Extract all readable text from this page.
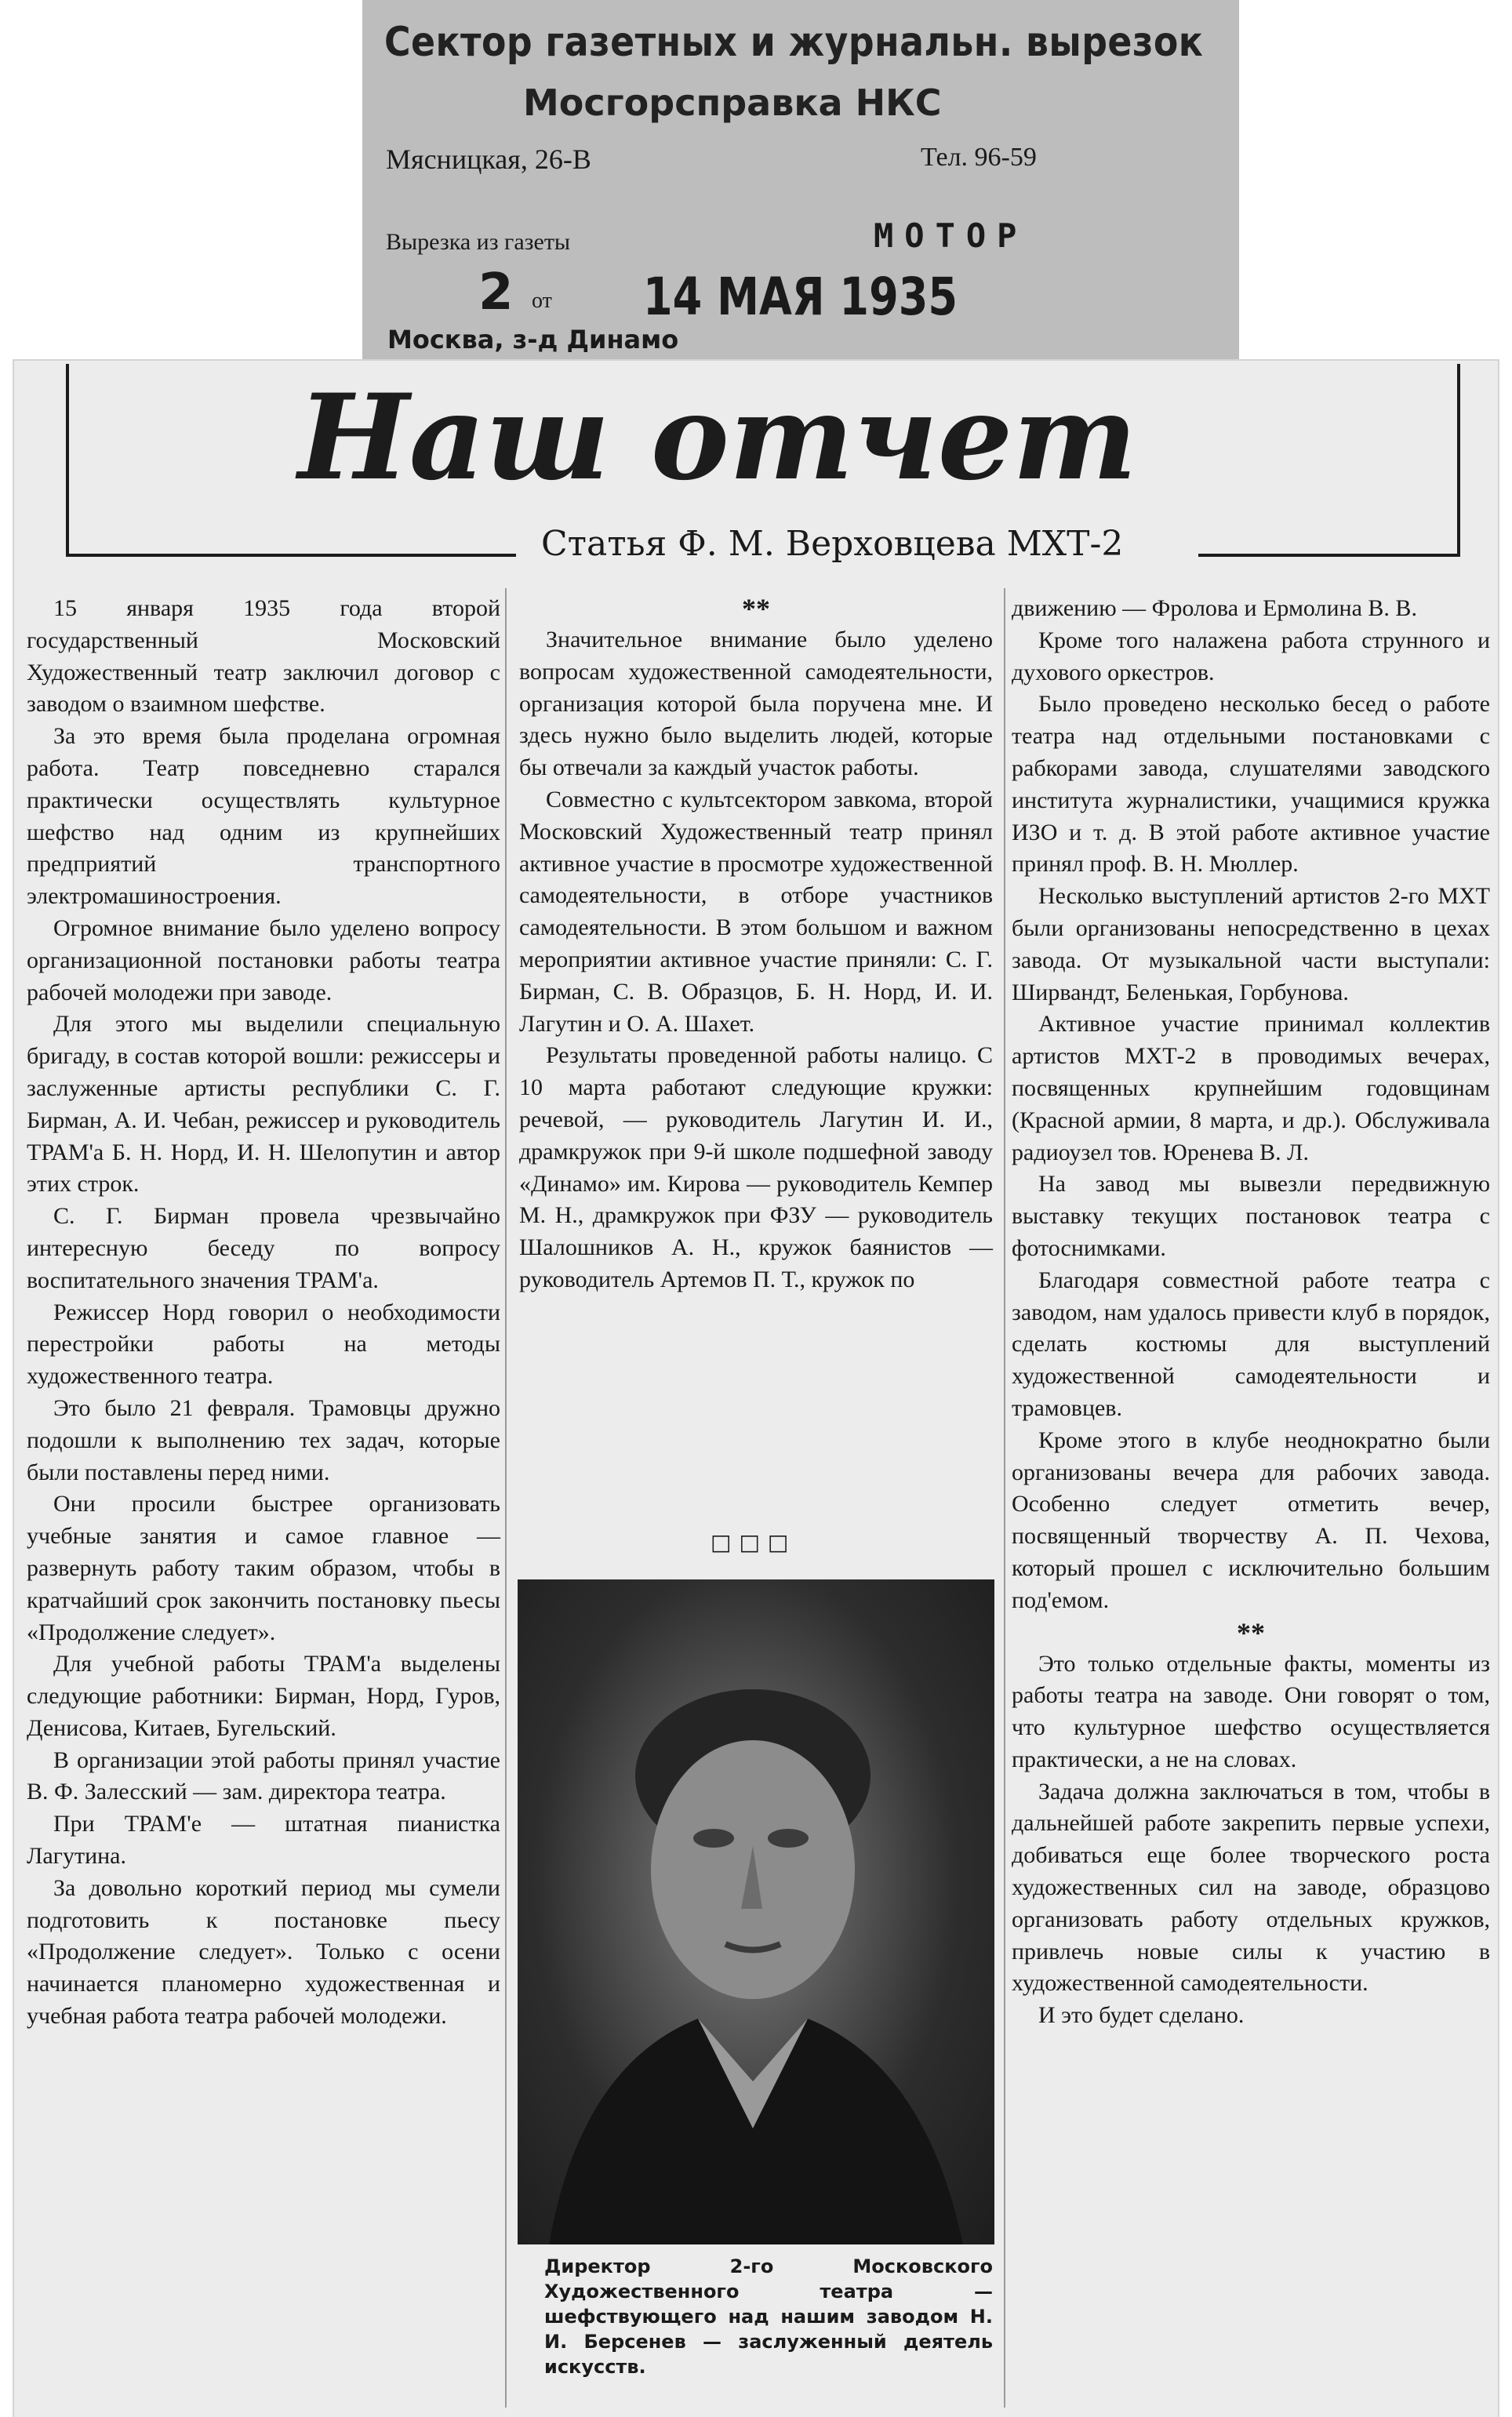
Сектор газетных и журнальн. вырезок
Мосгорсправка НКС
Мясницкая, 26-В	Тел. 96-59
Вырезка из газеты	МОТОР
2 от 14 МАЯ 1935
Москва, з-д Динамо
Наш отчет
Статья Ф. М. Верховцева МХТ-2

15 января 1935 года второй государственный Московский Художественный театр заключил договор с заводом о взаимном шефстве.

За это время была проделана огромная работа. Театр повседневно старался практически осуществлять культурное шефство над одним из крупнейших предприятий транспортного электромашиностроения.

Огромное внимание было уделено вопросу организационной постановки работы театра рабочей молодежи при заводе.

Для этого мы выделили специальную бригаду, в состав которой вошли: режиссеры и заслуженные артисты республики С. Г. Бирман, А. И. Чебан, режиссер и руководитель ТРАМ'а Б. Н. Норд, И. Н. Шелопутин и автор этих строк.

С. Г. Бирман провела чрезвычайно интересную беседу по вопросу воспитательного значения ТРАМ'а.

Режиссер Норд говорил о необходимости перестройки работы на методы художественного театра.

Это было 21 февраля. Трамовцы дружно подошли к выполнению тех задач, которые были поставлены перед ними.

Они просили быстрее организовать учебные занятия и самое главное — развернуть работу таким образом, чтобы в кратчайший срок закончить постановку пьесы «Продолжение следует».

Для учебной работы ТРАМ'а выделены следующие работники: Бирман, Норд, Гуров, Денисова, Китаев, Бугельский.

В организации этой работы принял участие В. Ф. Залесский — зам. директора театра.

При ТРАМ'е — штатная пианистка Лагутина.

За довольно короткий период мы сумели подготовить к постановке пьесу «Продолжение следует». Только с осени начинается планомерно художественная и учебная работа театра рабочей молодежи.

**

Значительное внимание было уделено вопросам художественной самодеятельности, организация которой была поручена мне. И здесь нужно было выделить людей, которые бы отвечали за каждый участок работы.

Совместно с культсектором завкома, второй Московский Художественный театр принял активное участие в просмотре художественной самодеятельности, в отборе участников самодеятельности. В этом большом и важном мероприятии активное участие приняли: С. Г. Бирман, С. В. Образцов, Б. Н. Норд, И. И. Лагутин и О. А. Шахет.

Результаты проведенной работы налицо. С 10 марта работают следующие кружки: речевой, — руководитель Лагутин И. И., драмкружок при 9-й школе подшефной заводу «Динамо» им. Кирова — руководитель Кемпер М. Н., драмкружок при ФЗУ — руководитель Шалошников А. Н., кружок баянистов — руководитель Артемов П. Т., кружок по

□□□
Директор 2-го Московского Художественного театра — шефствующего над нашим заводом Н. И. Берсенев — заслуженный деятель искусств.

движению — Фролова и Ермолина В. В.

Кроме того налажена работа струнного и духового оркестров.

Было проведено несколько бесед о работе театра над отдельными постановками с рабкорами завода, слушателями заводского института журналистики, учащимися кружка ИЗО и т. д. В этой работе активное участие принял проф. В. Н. Мюллер.

Несколько выступлений артистов 2-го МХТ были организованы непосредственно в цехах завода. От музыкальной части выступали: Ширвандт, Беленькая, Горбунова.

Активное участие принимал коллектив артистов МХТ-2 в проводимых вечерах, посвященных крупнейшим годовщинам (Красной армии, 8 марта, и др.). Обслуживала радиоузел тов. Юренева В. Л.

На завод мы вывезли передвижную выставку текущих постановок театра с фотоснимками.

Благодаря совместной работе театра с заводом, нам удалось привести клуб в порядок, сделать костюмы для выступлений художественной самодеятельности и трамовцев.

Кроме этого в клубе неоднократно были организованы вечера для рабочих завода. Особенно следует отметить вечер, посвященный творчеству А. П. Чехова, который прошел с исключительно большим под'емом.

**

Это только отдельные факты, моменты из работы театра на заводе. Они говорят о том, что культурное шефство осуществляется практически, а не на словах.

Задача должна заключаться в том, чтобы в дальнейшей работе закрепить первые успехи, добиваться еще более творческого роста художественных сил на заводе, образцово организовать работу отдельных кружков, привлечь новые силы к участию в художественной самодеятельности.

И это будет сделано.
